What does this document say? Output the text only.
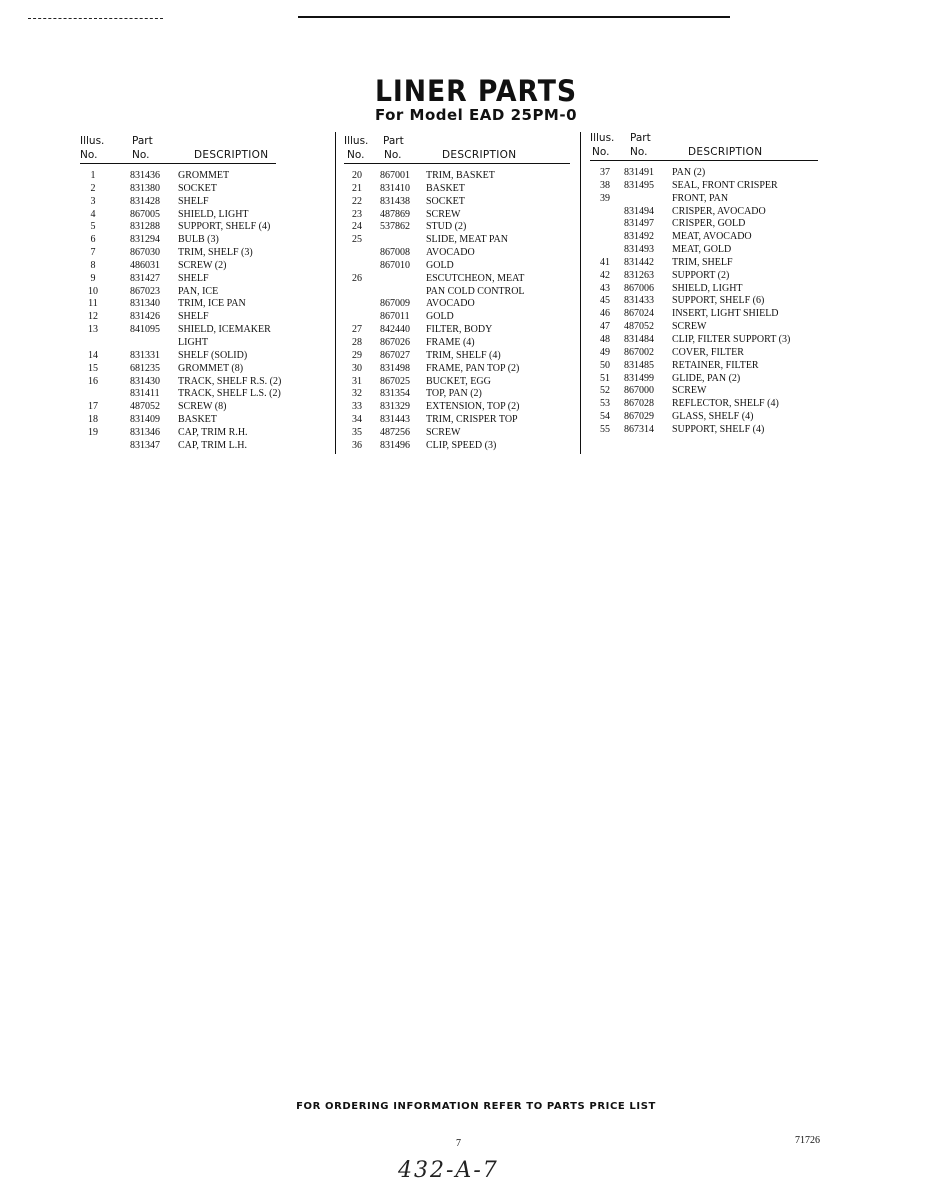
LINER PARTS
For Model EAD 25PM-0
Illus.	Part
No.	No.	DESCRIPTION
1	831436 GROMMET
2	831380 SOCKET
3	831428 SHELF
4	867005 SHIELD, LIGHT
5	831288 SUPPORT, SHELF (4)
6	831294 BULB (3)
7	867030 TRIM, SHELF (3)
8	486031 SCREW (2)
9	831427 SHELF
10	867023 PAN, ICE
11	831340 TRIM, ICE PAN
12	831426 SHELF
13	841095 SHIELD, ICEMAKER
LIGHT
14	831331 SHELF (SOLID)
15	681235 GROMMET (8)
16	831430 TRACK, SHELF R.S. (2)
831411 TRACK, SHELF L.S. (2)
17	487052 SCREW (8)
18	831409 BASKET
19	831346 CAP, TRIM R.H.
831347 CAP, TRIM L.H.
Illus. Part
No. No.	DESCRIPTION
20	867001 TRIM, BASKET
21	831410 BASKET
22	831438 SOCKET
23	487869 SCREW
24	537862 STUD (2)
25	SLIDE, MEAT PAN
867008 AVOCADO
867010 GOLD
26	ESCUTCHEON, MEAT
PAN COLD CONTROL
867009 AVOCADO
867011 GOLD
27	842440 FILTER, BODY
28	867026 FRAME (4)
29	867027 TRIM, SHELF (4)
30	831498 FRAME, PAN TOP (2)
31	867025 BUCKET, EGG
32	831354 TOP, PAN (2)
33	831329 EXTENSION, TOP (2)
34	831443 TRIM, CRISPER TOP
35	487256 SCREW
36	831496 CLIP, SPEED (3)
Illus. Part
No. No.	DESCRIPTION
37	831491 PAN (2)
38	831495 SEAL, FRONT CRISPER
39	FRONT, PAN
831494 CRISPER, AVOCADO
831497 CRISPER, GOLD
831492 MEAT, AVOCADO
831493 MEAT, GOLD
41	831442 TRIM, SHELF
42	831263 SUPPORT (2)
43	867006 SHIELD, LIGHT
45	831433 SUPPORT, SHELF (6)
46	867024 INSERT, LIGHT SHIELD
47	487052 SCREW
48	831484 CLIP, FILTER SUPPORT (3)
49	867002 COVER, FILTER
50	831485 RETAINER, FILTER
51	831499 GLIDE, PAN (2)
52	867000 SCREW
53	867028 REFLECTOR, SHELF (4)
54	867029 GLASS, SHELF (4)
55	867314 SUPPORT, SHELF (4)
FOR ORDERING INFORMATION REFER TO PARTS PRICE LIST
7	71726
432-A-7
